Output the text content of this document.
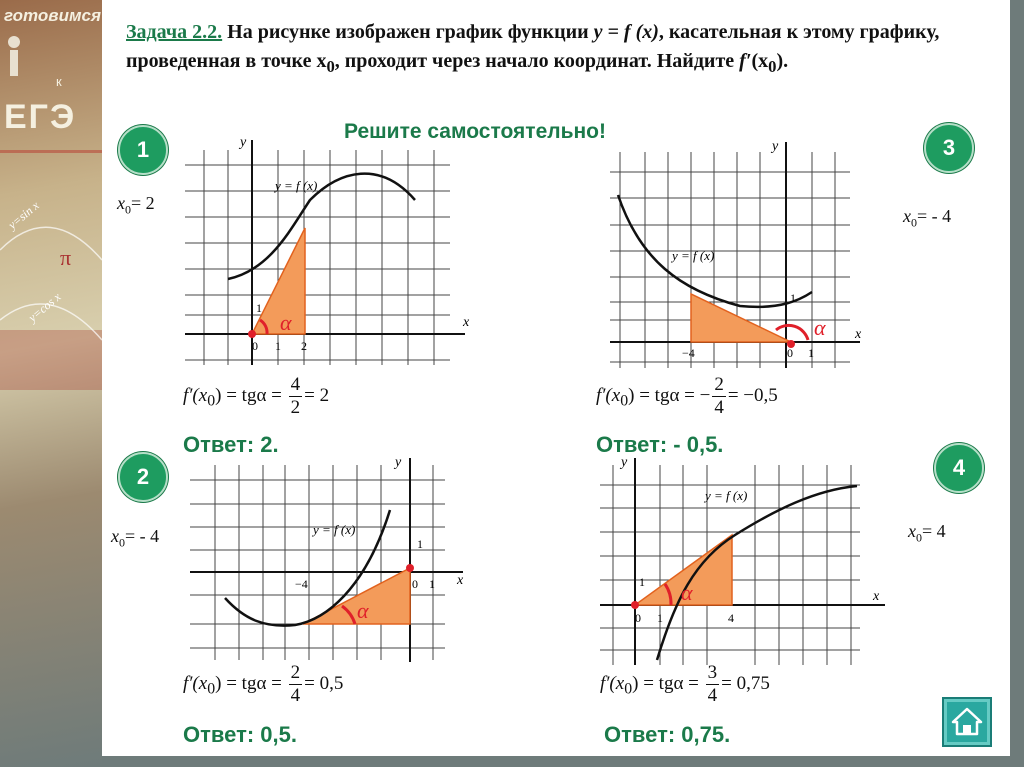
готовимся
к
ЕГЭ
y=sin x
y=cos x
π
Задача 2.2. На рисунке изображен график функции y = f (x), касательная к этому графику, проведенная в точке $x_0$, проходит через начало координат. Найдите $f'(x_0)$.
Решите самостоятельно!
1
2
3
4
$x_0= 2$
$x_0= - 4$
$x_0= - 4$
$x_0= 4$
α
y
x
y = f (x)
1
0 1 2
α
y
x
y = f (x)
1
−4	0 1
α
y
x
y = f (x)
1
−4	0 1	α
y
x
y = f (x)
1
0 1	4
$f'(x_0) = tg\alpha = \frac{4}{2} = 2$	$f'(x_0) = tg\alpha$ = − $\frac{2}{4} = -0,5$
$f'(x_0) = tg\alpha = \frac{2}{4} = 0,5$	$f'(x_0) = tg\alpha = \frac{3}{4} = 0,75$
Ответ: 2.	Ответ: - 0,5.
Ответ: 0,5.	Ответ: 0,75.
